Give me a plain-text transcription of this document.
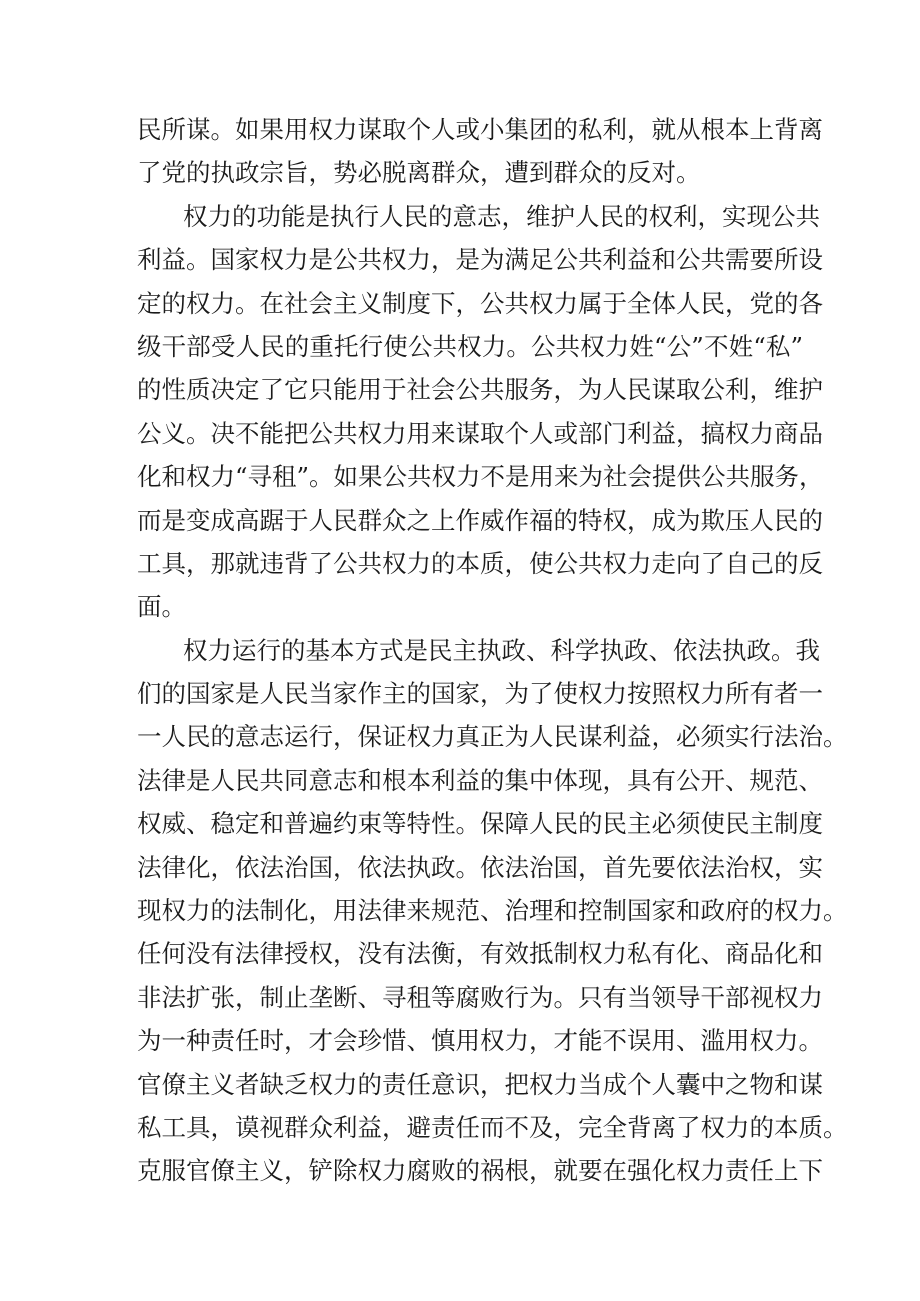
民所谋。如果用权力谋取个人或小集团的私利，就从根本上背离
了党的执政宗旨，势必脱离群众，遭到群众的反对。
权力的功能是执行人民的意志，维护人民的权利，实现公共
利益。国家权力是公共权力，是为满足公共利益和公共需要所设
定的权力。在社会主义制度下，公共权力属于全体人民，党的各
级干部受人民的重托行使公共权力。公共权力姓“公”不姓“私”
的性质决定了它只能用于社会公共服务，为人民谋取公利，维护
公义。决不能把公共权力用来谋取个人或部门利益，搞权力商品
化和权力“寻租”。如果公共权力不是用来为社会提供公共服务，
而是变成高踞于人民群众之上作威作福的特权，成为欺压人民的
工具，那就违背了公共权力的本质，使公共权力走向了自己的反
面。
权力运行的基本方式是民主执政、科学执政、依法执政。我
们的国家是人民当家作主的国家，为了使权力按照权力所有者一
一人民的意志运行，保证权力真正为人民谋利益，必须实行法治。
法律是人民共同意志和根本利益的集中体现，具有公开、规范、
权威、稳定和普遍约束等特性。保障人民的民主必须使民主制度
法律化，依法治国，依法执政。依法治国，首先要依法治权，实
现权力的法制化，用法律来规范、治理和控制国家和政府的权力。
任何没有法律授权，没有法衡，有效抵制权力私有化、商品化和
非法扩张，制止垄断、寻租等腐败行为。只有当领导干部视权力
为一种责任时，才会珍惜、慎用权力，才能不误用、滥用权力。
官僚主义者缺乏权力的责任意识，把权力当成个人囊中之物和谋
私工具，谟视群众利益，避责任而不及，完全背离了权力的本质。
克服官僚主义，铲除权力腐败的祸根，就要在强化权力责任上下
